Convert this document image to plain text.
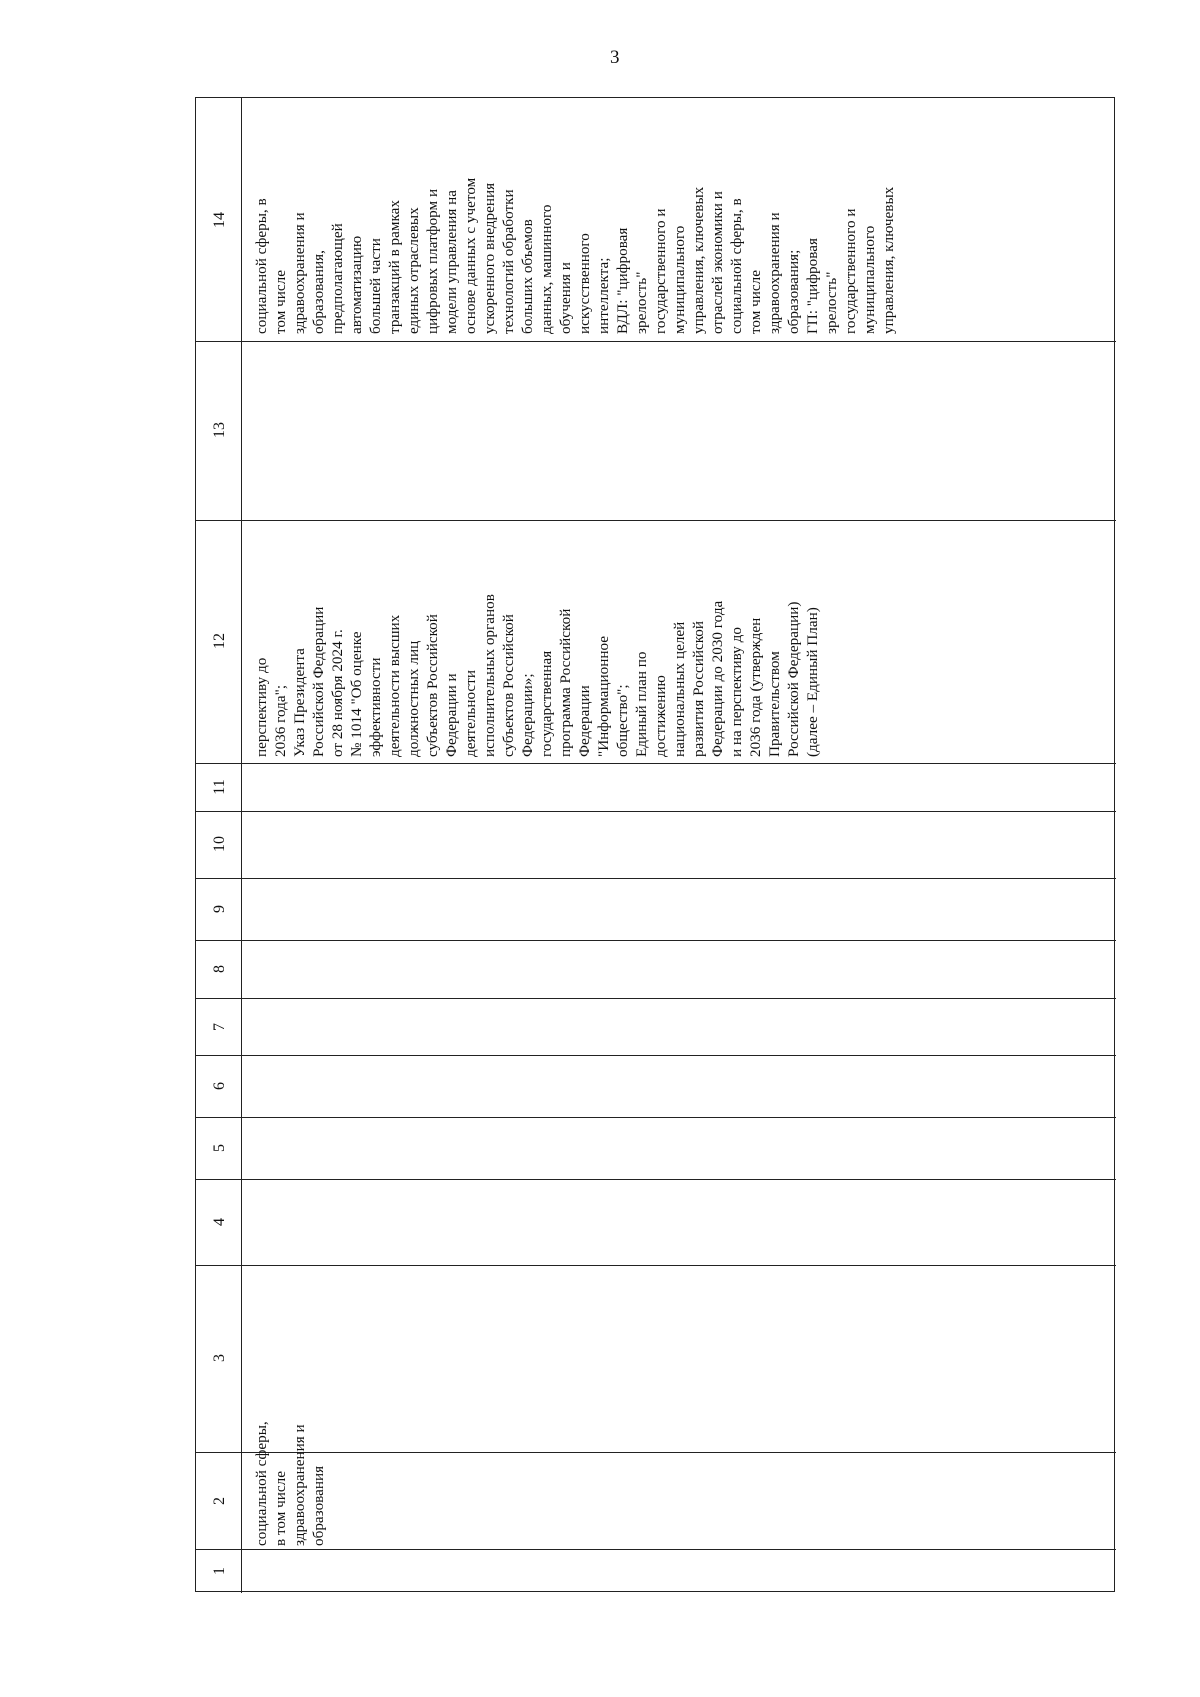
3
14
13
12
11
10
9
8
7
6
5
4
3
2
1
социальной сферы, в том числе здравоохранения и образования, предполагающей автоматизацию большей части транзакций в рамках единых отраслевых цифровых платформ и модели управления на основе данных с учетом ускоренного внедрения технологий обработки больших объемов данных, машинного обучения и искусственного интеллекта; ВДЛ: "цифровая зрелость" государственного и муниципального управления, ключевых отраслей экономики и социальной сферы, в том числе здравоохранения и образования; ГП: "цифровая зрелость" государственного и муниципального управления, ключевых
перспективу до 2036 года"; Указ Президента Российской Федерации от 28 ноября 2024 г. № 1014 "Об оценке эффективности деятельности высших должностных лиц субъектов Российской Федерации и деятельности исполнительных органов субъектов Российской Федерации»; государственная программа Российской Федерации "Информационное общество"; Единый план по достижению национальных целей развития Российской Федерации до 2030 года и на перспективу до 2036 года (утвержден Правительством Российской Федерации) (далее – Единый План)
социальной сферы, в том числе здравоохранения и образования
